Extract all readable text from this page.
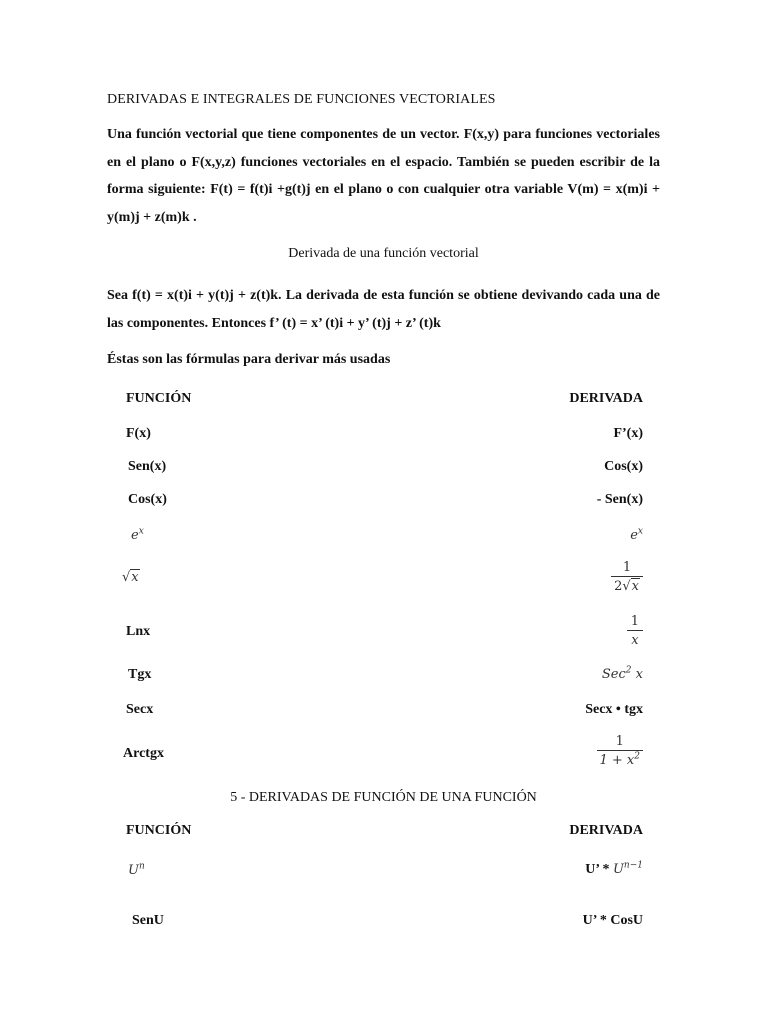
DERIVADAS E INTEGRALES DE FUNCIONES VECTORIALES
Una función vectorial que tiene componentes de un vector. F(x,y) para funciones vectoriales en el plano o F(x,y,z) funciones vectoriales en el espacio. También se pueden escribir de la forma siguiente: F(t) = f(t)i +g(t)j en el plano o con cualquier otra variable V(m) = x(m)i + y(m)j + z(m)k .
Derivada de una función vectorial
Sea f(t) = x(t)i + y(t)j + z(t)k. La derivada de esta función se obtiene devivando cada una de las componentes. Entonces f’ (t) = x’ (t)i + y’ (t)j + z’ (t)k
Éstas son las fórmulas para derivar más usadas
FUNCIÓN	DERIVADA
F(x)	F’(x)
Sen(x)	Cos(x)
Cos(x)	- Sen(x)
$e^x$	$e^x$
√x	$\frac{1}{2√x}$
Lnx	$\frac{1}{x}$
Tgx	Sec$^2$ x
Secx	Secx • tgx
Arctgx	$\frac{1}{1 + x^2}$
5 - DERIVADAS DE FUNCIÓN DE UNA FUNCIÓN
FUNCIÓN	DERIVADA
$U^n$	U’ * $U^{n-1}$
SenU	U’ * CosU
